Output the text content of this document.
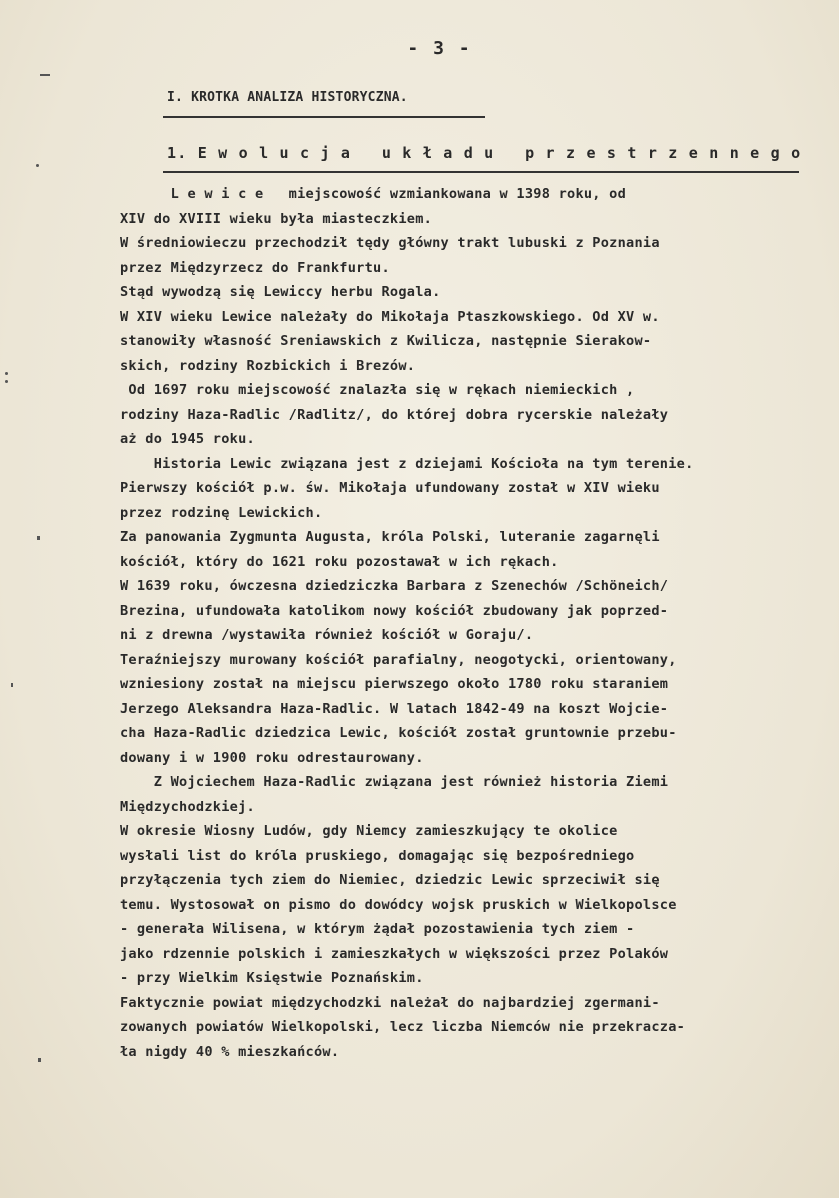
- 3 -
I. KROTKA ANALIZA HISTORYCZNA.
1. E w o l u c j a   u k ł a d u   p r z e s t r z e n n e g o
L e w i c e   miejscowość wzmiankowana w 1398 roku, od
XIV do XVIII wieku była miasteczkiem.
W średniowieczu przechodził tędy główny trakt lubuski z Poznania
przez Międzyrzecz do Frankfurtu.
Stąd wywodzą się Lewiccy herbu Rogala.
W XIV wieku Lewice należały do Mikołaja Ptaszkowskiego. Od XV w.
stanowiły własność Sreniawskich z Kwilicza, następnie Sierakow-
skich, rodziny Rozbickich i Brezów.
Od 1697 roku miejscowość znalazła się w rękach niemieckich ,
rodziny Haza-Radlic /Radlitz/, do której dobra rycerskie należały
aż do 1945 roku.
Historia Lewic związana jest z dziejami Kościoła na tym terenie.
Pierwszy kościół p.w. św. Mikołaja ufundowany został w XIV wieku
przez rodzinę Lewickich.
Za panowania Zygmunta Augusta, króla Polski, luteranie zagarnęli
kościół, który do 1621 roku pozostawał w ich rękach.
W 1639 roku, ówczesna dziedziczka Barbara z Szenechów /Schöneich/
Brezina, ufundowała katolikom nowy kościół zbudowany jak poprzed-
ni z drewna /wystawiła również kościół w Goraju/.
Teraźniejszy murowany kościół parafialny, neogotycki, orientowany,
wzniesiony został na miejscu pierwszego około 1780 roku staraniem
Jerzego Aleksandra Haza-Radlic. W latach 1842-49 na koszt Wojcie-
cha Haza-Radlic dziedzica Lewic, kościół został gruntownie przebu-
dowany i w 1900 roku odrestaurowany.
Z Wojciechem Haza-Radlic związana jest również historia Ziemi
Międzychodzkiej.
W okresie Wiosny Ludów, gdy Niemcy zamieszkujący te okolice
wysłali list do króla pruskiego, domagając się bezpośredniego
przyłączenia tych ziem do Niemiec, dziedzic Lewic sprzeciwił się
temu. Wystosował on pismo do dowódcy wojsk pruskich w Wielkopolsce
- generała Wilisena, w którym żądał pozostawienia tych ziem -
jako rdzennie polskich i zamieszkałych w większości przez Polaków
- przy Wielkim Księstwie Poznańskim.
Faktycznie powiat międzychodzki należał do najbardziej zgermani-
zowanych powiatów Wielkopolski, lecz liczba Niemców nie przekracza-
ła nigdy 40 % mieszkańców.
